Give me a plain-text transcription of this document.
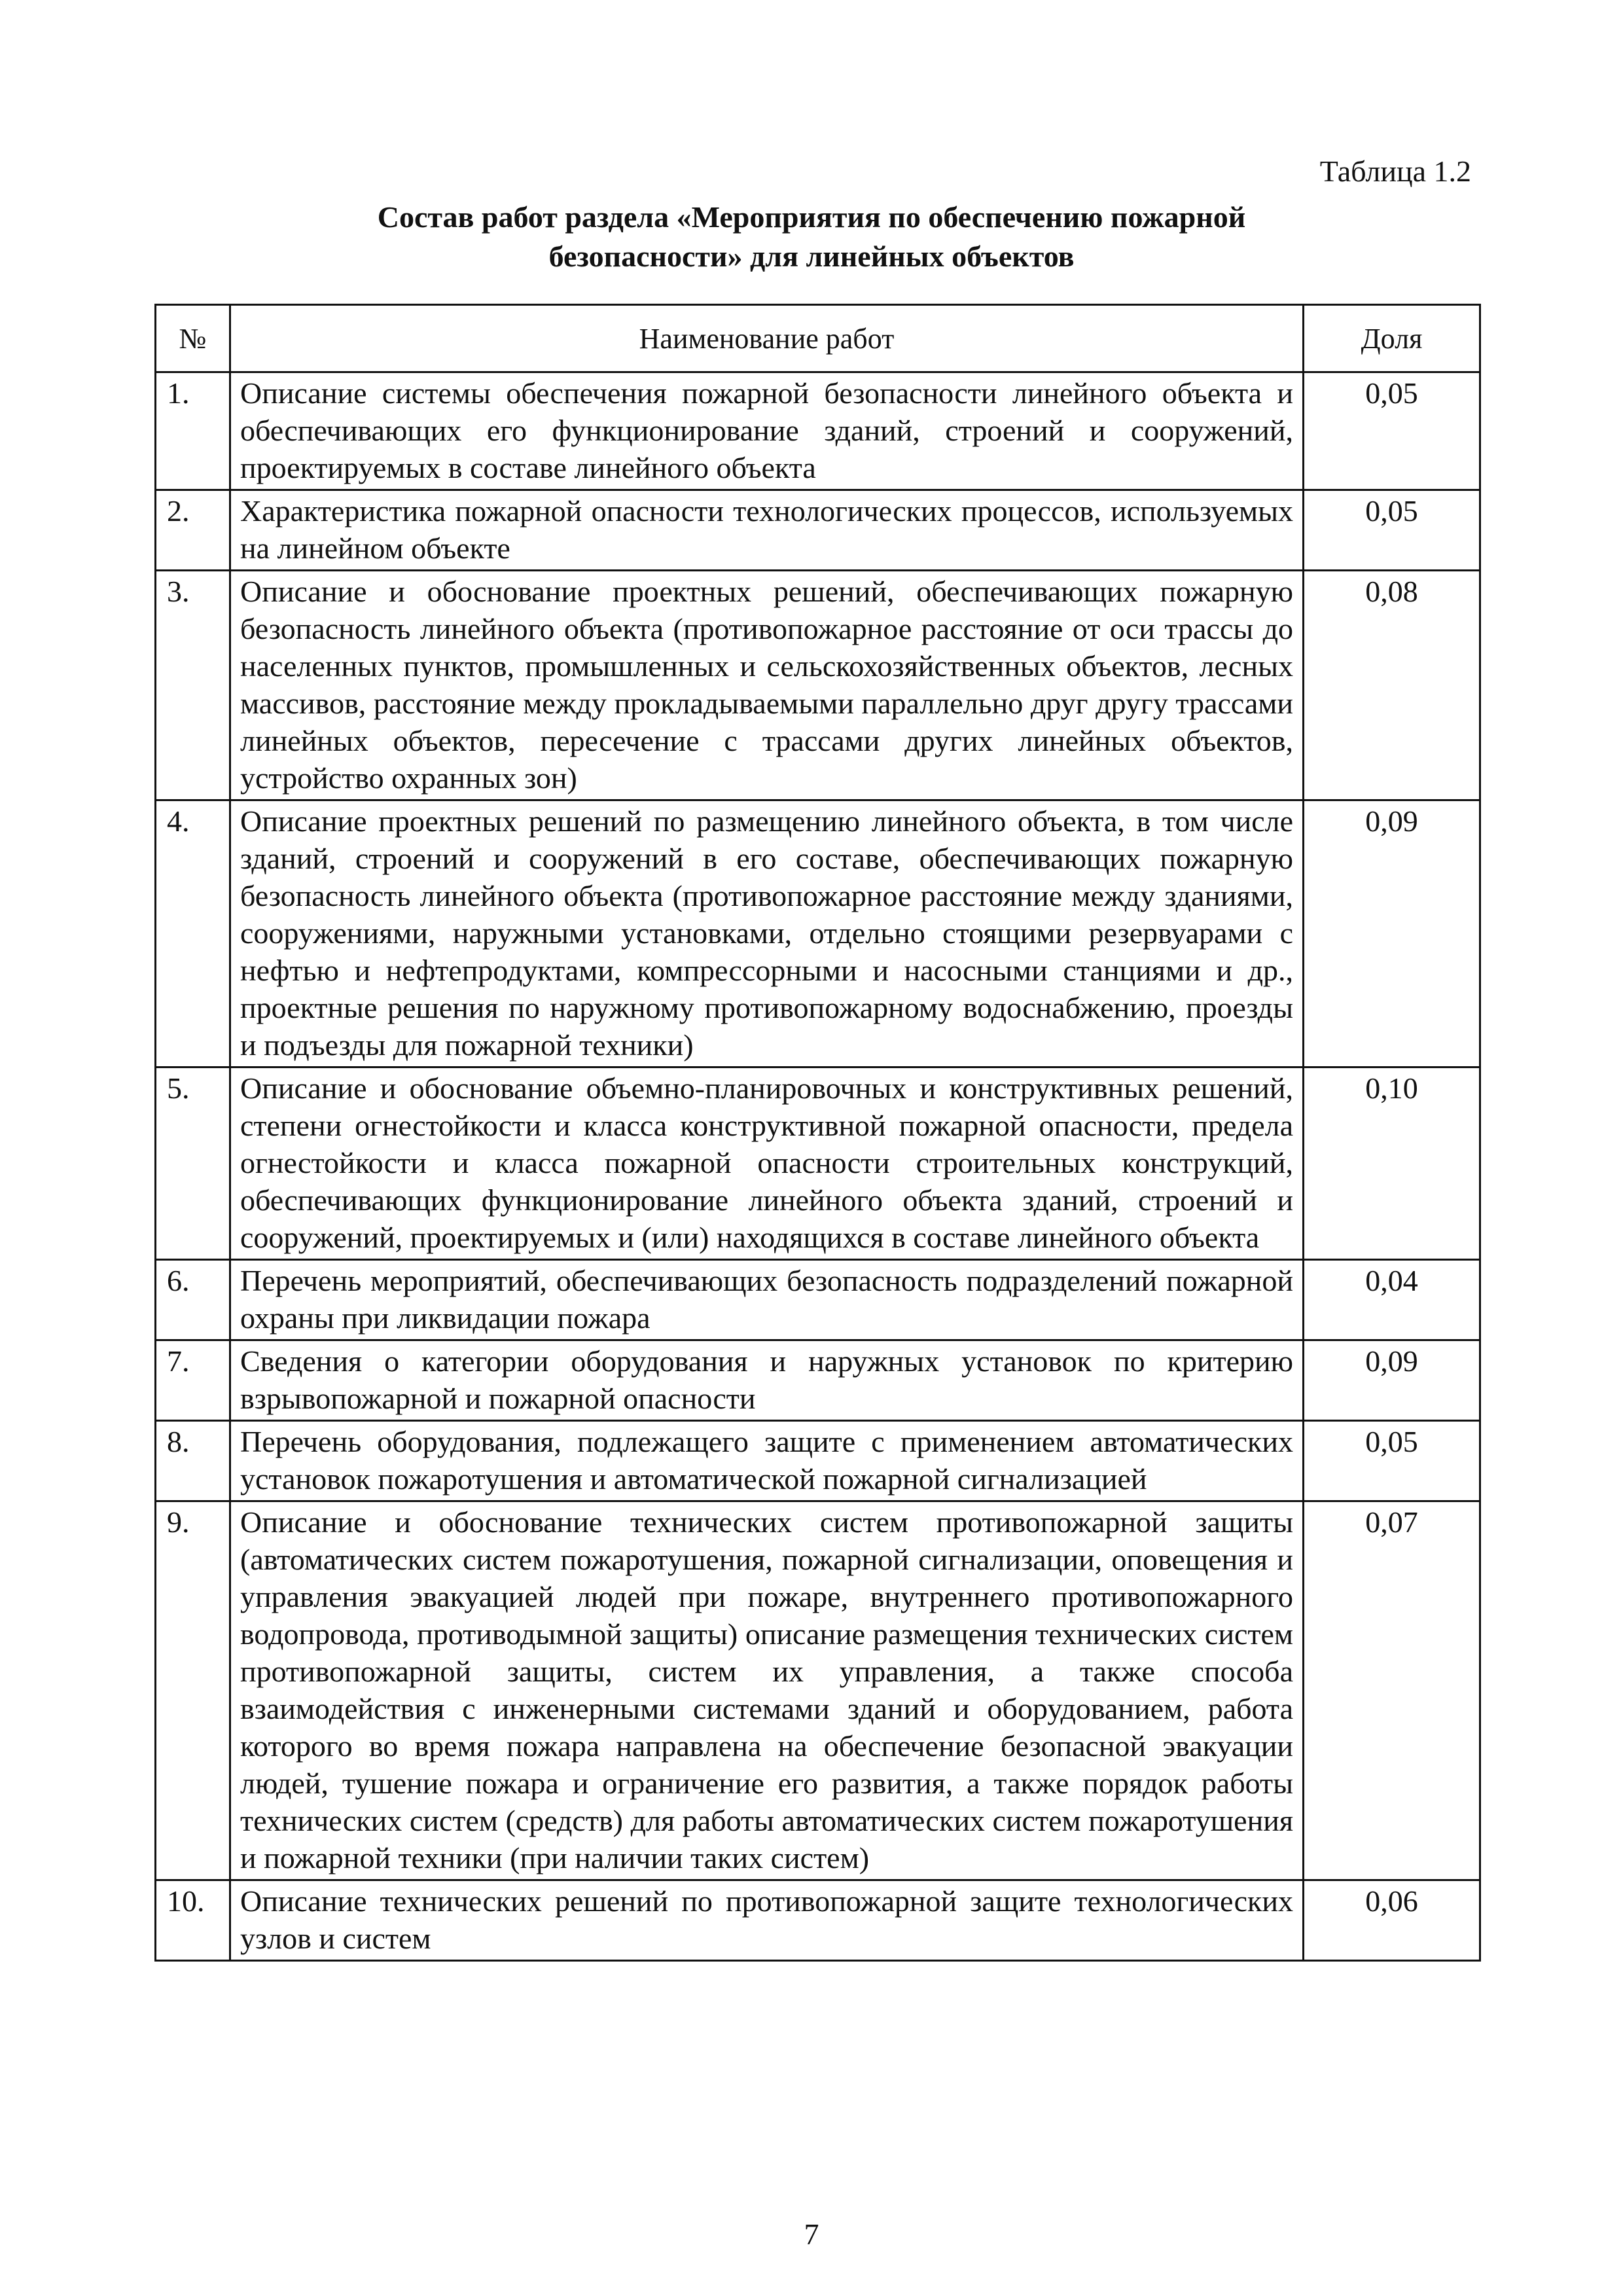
Таблица 1.2
Состав работ раздела «Мероприятия по обеспечению пожарной
безопасности» для линейных объектов
№	Наименование работ	Доля
1.	Описание системы обеспечения пожарной безопасности линейного объекта и обеспечивающих его функционирование зданий, строений и сооружений, проектируемых в составе линейного объекта	0,05
2.	Характеристика пожарной опасности технологических процессов, используемых на линейном объекте	0,05
3.	Описание и обоснование проектных решений, обеспечивающих пожарную безопасность линейного объекта (противопожарное расстояние от оси трассы до населенных пунктов, промышленных и сельскохозяйственных объектов, лесных массивов, расстояние между прокладываемыми параллельно друг другу трассами линейных объектов, пересечение с трассами других линейных объектов, устройство охранных зон)	0,08
4.	Описание проектных решений по размещению линейного объекта, в том числе зданий, строений и сооружений в его составе, обеспечивающих пожарную безопасность линейного объекта (противопожарное расстояние между зданиями, сооружениями, наружными установками, отдельно стоящими резервуарами с нефтью и нефтепродуктами, компрессорными и насосными станциями и др., проектные решения по наружному противопожарному водоснабжению, проезды и подъезды для пожарной техники)	0,09
5.	Описание и обоснование объемно-планировочных и конструктивных решений, степени огнестойкости и класса конструктивной пожарной опасности, предела огнестойкости и класса пожарной опасности строительных конструкций, обеспечивающих функционирование линейного объекта зданий, строений и сооружений, проектируемых и (или) находящихся в составе линейного объекта	0,10
6.	Перечень мероприятий, обеспечивающих безопасность подразделений пожарной охраны при ликвидации пожара	0,04
7.	Сведения о категории оборудования и наружных установок по критерию взрывопожарной и пожарной опасности	0,09
8.	Перечень оборудования, подлежащего защите с применением автоматических установок пожаротушения и автоматической пожарной сигнализацией	0,05
9.	Описание и обоснование технических систем противопожарной защиты (автоматических систем пожаротушения, пожарной сигнализации, оповещения и управления эвакуацией людей при пожаре, внутреннего противопожарного водопровода, противодымной защиты) описание размещения технических систем противопожарной защиты, систем их управления, а также способа взаимодействия с инженерными системами зданий и оборудованием, работа которого во время пожара направлена на обеспечение безопасной эвакуации людей, тушение пожара и ограничение его развития, а также порядок работы технических систем (средств) для работы автоматических систем пожаротушения и пожарной техники (при наличии таких систем)	0,07
10.	Описание технических решений по противопожарной защите технологических узлов и систем	0,06
7
